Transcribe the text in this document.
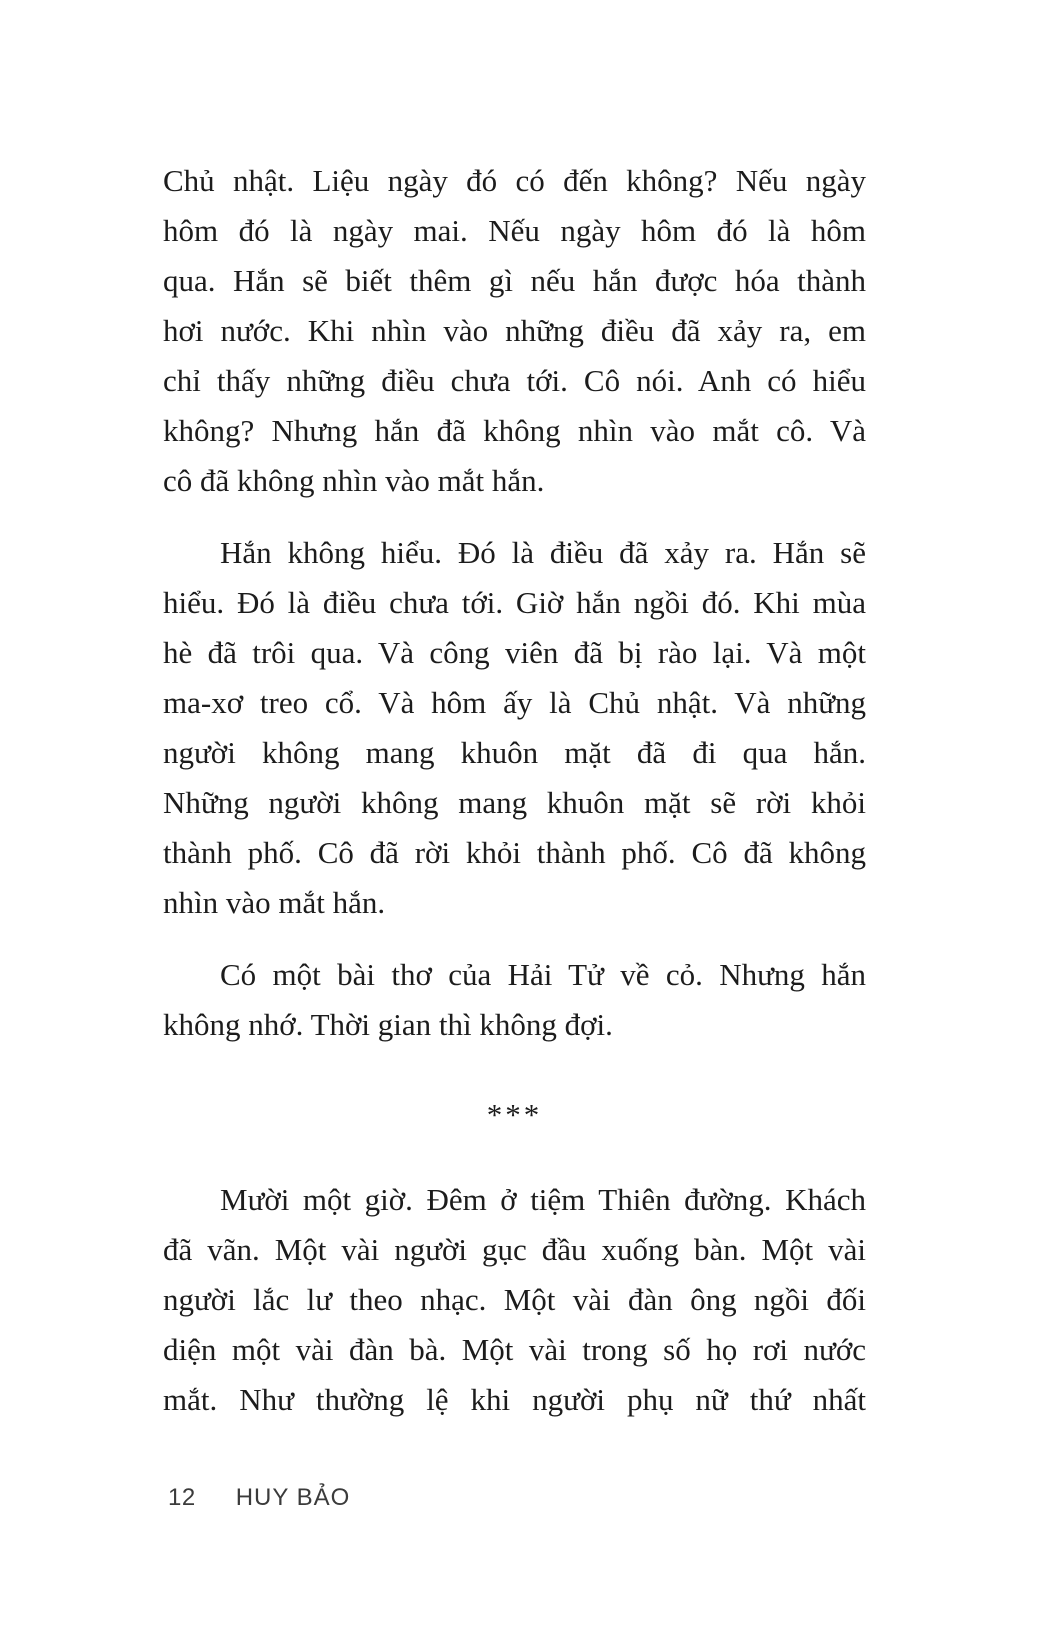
Chủ nhật. Liệu ngày đó có đến không? Nếu ngày
hôm đó là ngày mai. Nếu ngày hôm đó là hôm
qua. Hắn sẽ biết thêm gì nếu hắn được hóa thành
hơi nước. Khi nhìn vào những điều đã xảy ra, em
chỉ thấy những điều chưa tới. Cô nói. Anh có hiểu
không? Nhưng hắn đã không nhìn vào mắt cô. Và
cô đã không nhìn vào mắt hắn.
Hắn không hiểu. Đó là điều đã xảy ra. Hắn sẽ
hiểu. Đó là điều chưa tới. Giờ hắn ngồi đó. Khi mùa
hè đã trôi qua. Và công viên đã bị rào lại. Và một
ma-xơ treo cổ. Và hôm ấy là Chủ nhật. Và những
người không mang khuôn mặt đã đi qua hắn.
Những người không mang khuôn mặt sẽ rời khỏi
thành phố. Cô đã rời khỏi thành phố. Cô đã không
nhìn vào mắt hắn.
Có một bài thơ của Hải Tử về cỏ. Nhưng hắn
không nhớ. Thời gian thì không đợi.
***
Mười một giờ. Đêm ở tiệm Thiên đường. Khách
đã vãn. Một vài người gục đầu xuống bàn. Một vài
người lắc lư theo nhạc. Một vài đàn ông ngồi đối
diện một vài đàn bà. Một vài trong số họ rơi nước
mắt. Như thường lệ khi người phụ nữ thứ nhất
12 HUY BẢO
